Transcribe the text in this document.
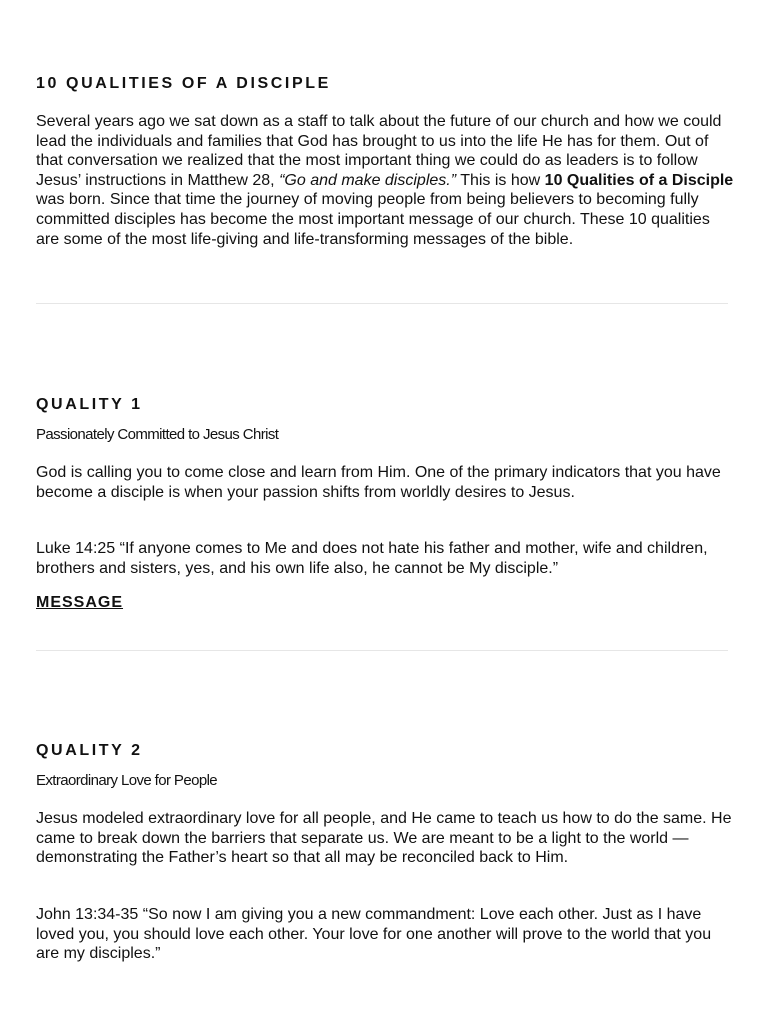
10 QUALITIES OF A DISCIPLE

Several years ago we sat down as a staff to talk about the future of our church and how we could lead the individuals and families that God has brought to us into the life He has for them. Out of that conversation we realized that the most important thing we could do as leaders is to follow Jesus’ instructions in Matthew 28, “Go and make disciples.” This is how 10 Qualities of a Disciple was born. Since that time the journey of moving people from being believers to becoming fully committed disciples has become the most important message of our church. These 10 qualities are some of the most life-giving and life-transforming messages of the bible.

QUALITY 1

Passionately Committed to Jesus Christ

God is calling you to come close and learn from Him. One of the primary indicators that you have become a disciple is when your passion shifts from worldly desires to Jesus.

Luke 14:25 “If anyone comes to Me and does not hate his father and mother, wife and children, brothers and sisters, yes, and his own life also, he cannot be My disciple.”

MESSAGE
QUALITY 2

Extraordinary Love for People

Jesus modeled extraordinary love for all people, and He came to teach us how to do the same. He came to break down the barriers that separate us. We are meant to be a light to the world — demonstrating the Father’s heart so that all may be reconciled back to Him.

John 13:34-35 “So now I am giving you a new commandment: Love each other. Just as I have loved you, you should love each other. Your love for one another will prove to the world that you are my disciples.”
